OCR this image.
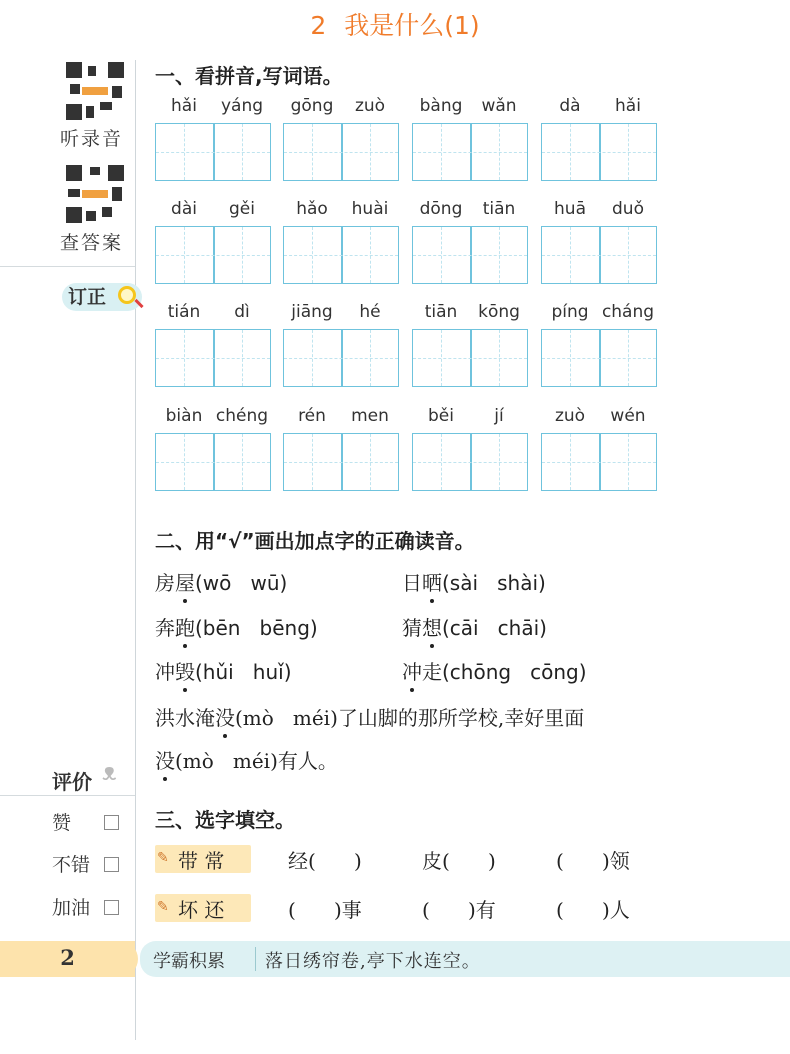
2 我是什么(1)
听录音
查答案
订正
一、看拼音,写词语。
hǎi	yáng	gōng	zuò	bàng	wǎn	dà	hǎi
dài	gěi	hǎo	huài	dōng	tiān	huā	duǒ
tián	dì	jiāng	hé	tiān	kōng	píng cháng
biàn chéng	rén	men	běi	jí	zuò	wén
二、用“√”画出加点字的正确读音。
房屋(wō   wū)	日晒(sài   shài)
奔跑(bēn   bēng)	猜想(cāi   chāi)
冲毁(hǔi   huǐ)	冲走(chōng   cōng)
洪水淹没(mò   méi)了山脚的那所学校,幸好里面
没(mò   méi)有人。
评价 ᴥ
赞
不错
加油
三、选字填空。
✎ 带 常	经(      )	皮(      )	(      )领
✎ 坏 还	(      )事	(      )有	(      )人
2	学霸积累 落日绣帘卷,亭下水连空。
